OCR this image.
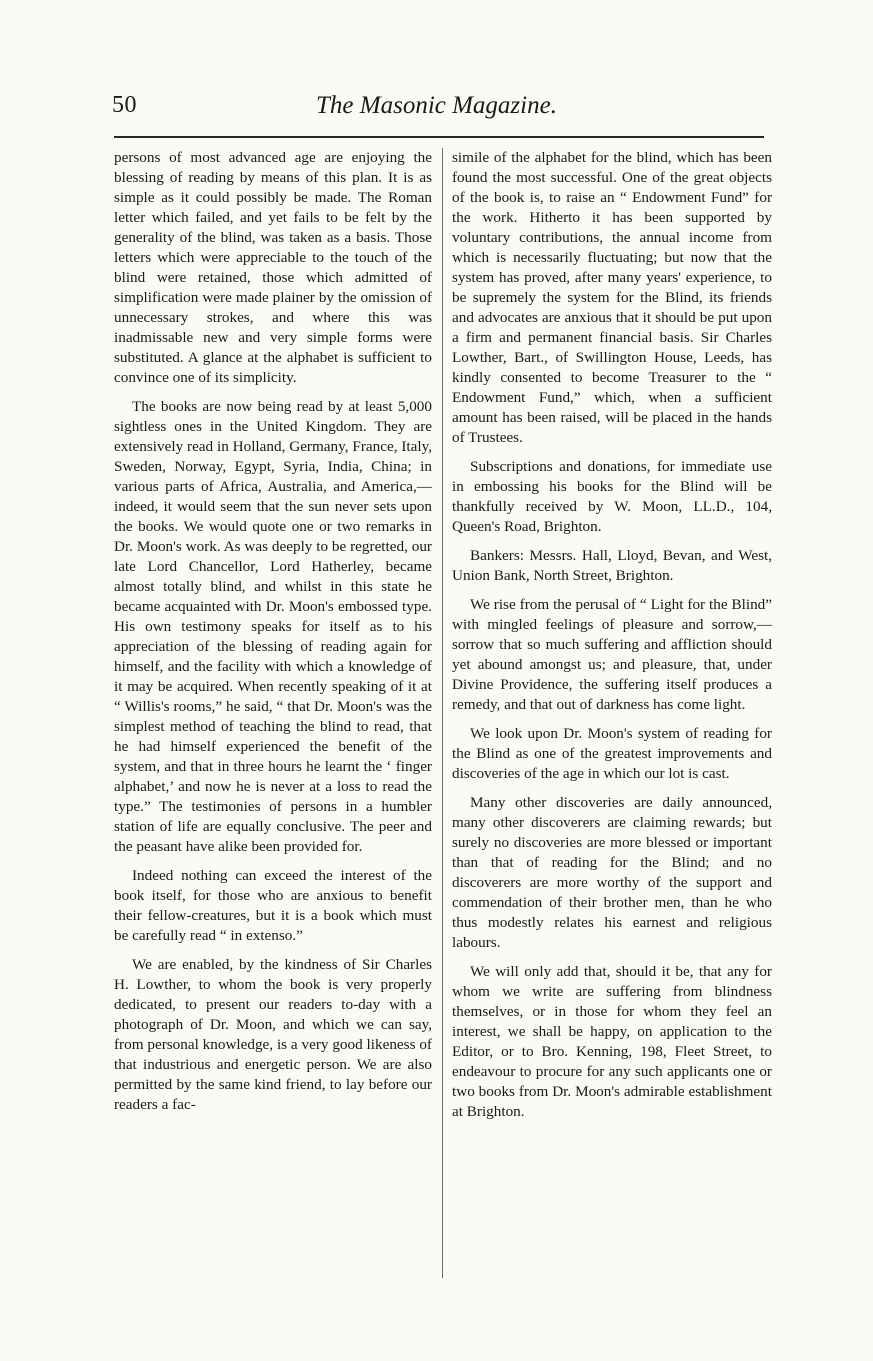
50	The Masonic Magazine.

persons of most advanced age are enjoying the blessing of reading by means of this plan. It is as simple as it could possibly be made. The Roman letter which failed, and yet fails to be felt by the generality of the blind, was taken as a basis. Those letters which were appreciable to the touch of the blind were retained, those which admitted of simplification were made plainer by the omission of unnecessary strokes, and where this was inadmissable new and very simple forms were substituted. A glance at the alphabet is sufficient to convince one of its simplicity.

The books are now being read by at least 5,000 sightless ones in the United Kingdom. They are extensively read in Holland, Germany, France, Italy, Sweden, Norway, Egypt, Syria, India, China; in various parts of Africa, Australia, and America,—indeed, it would seem that the sun never sets upon the books. We would quote one or two remarks in Dr. Moon's work. As was deeply to be regretted, our late Lord Chancellor, Lord Hatherley, became almost totally blind, and whilst in this state he became acquainted with Dr. Moon's embossed type. His own testimony speaks for itself as to his appreciation of the blessing of reading again for himself, and the facility with which a knowledge of it may be acquired. When recently speaking of it at “ Willis's rooms,” he said, “ that Dr. Moon's was the simplest method of teaching the blind to read, that he had himself experienced the benefit of the system, and that in three hours he learnt the ‘ finger alphabet,’ and now he is never at a loss to read the type.” The testimonies of persons in a humbler station of life are equally conclusive. The peer and the peasant have alike been provided for.

Indeed nothing can exceed the interest of the book itself, for those who are anxious to benefit their fellow-creatures, but it is a book which must be carefully read “ in extenso.”

We are enabled, by the kindness of Sir Charles H. Lowther, to whom the book is very properly dedicated, to present our readers to-day with a photograph of Dr. Moon, and which we can say, from personal knowledge, is a very good likeness of that industrious and energetic person. We are also permitted by the same kind friend, to lay before our readers a fac-

simile of the alphabet for the blind, which has been found the most successful. One of the great objects of the book is, to raise an “ Endowment Fund” for the work. Hitherto it has been supported by voluntary contributions, the annual income from which is necessarily fluctuating; but now that the system has proved, after many years' experience, to be supremely the system for the Blind, its friends and advocates are anxious that it should be put upon a firm and permanent financial basis. Sir Charles Lowther, Bart., of Swillington House, Leeds, has kindly consented to become Treasurer to the “ Endowment Fund,” which, when a sufficient amount has been raised, will be placed in the hands of Trustees.

Subscriptions and donations, for immediate use in embossing his books for the Blind will be thankfully received by W. Moon, LL.D., 104, Queen's Road, Brighton.

Bankers: Messrs. Hall, Lloyd, Bevan, and West, Union Bank, North Street, Brighton.

We rise from the perusal of “ Light for the Blind” with mingled feelings of pleasure and sorrow,—sorrow that so much suffering and affliction should yet abound amongst us; and pleasure, that, under Divine Providence, the suffering itself produces a remedy, and that out of darkness has come light.

We look upon Dr. Moon's system of reading for the Blind as one of the greatest improvements and discoveries of the age in which our lot is cast.

Many other discoveries are daily announced, many other discoverers are claiming rewards; but surely no discoveries are more blessed or important than that of reading for the Blind; and no discoverers are more worthy of the support and commendation of their brother men, than he who thus modestly relates his earnest and religious labours.

We will only add that, should it be, that any for whom we write are suffering from blindness themselves, or in those for whom they feel an interest, we shall be happy, on application to the Editor, or to Bro. Kenning, 198, Fleet Street, to endeavour to procure for any such applicants one or two books from Dr. Moon's admirable establishment at Brighton.
